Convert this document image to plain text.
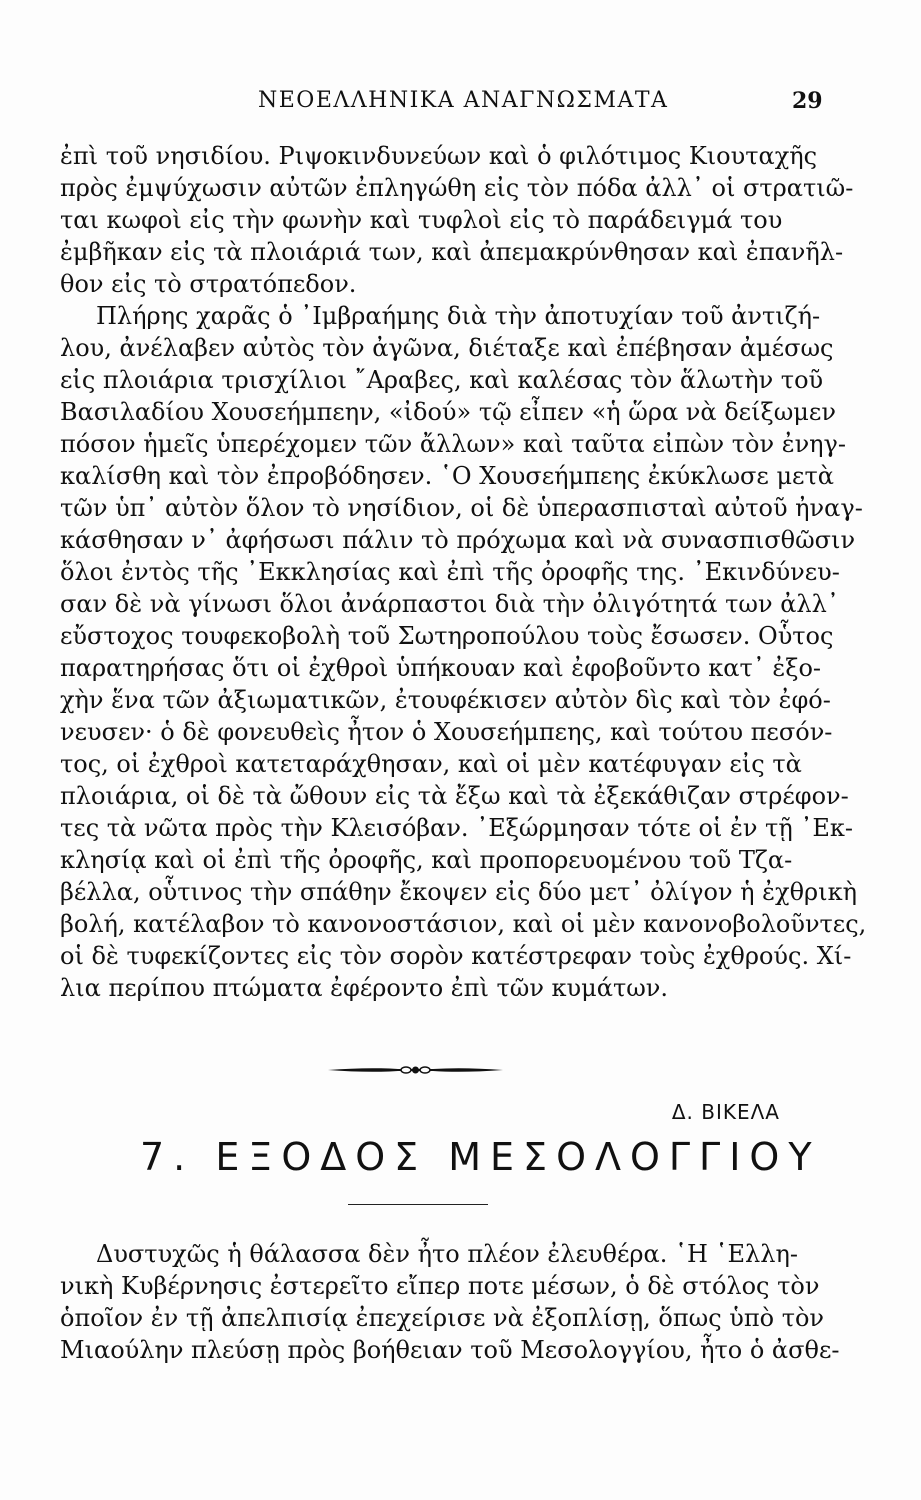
ΝΕΟΕΛΛΗΝΙΚΑ ΑΝΑΓΝΩΣΜΑΤΑ	29
ἐπὶ τοῦ νησιδίου. Ριψοκινδυνεύων καὶ ὁ φιλότιμος Κιουταχῆς
πρὸς ἐμψύχωσιν αὐτῶν ἐπληγώθη εἰς τὸν πόδα ἀλλ᾽ οἱ στρατιῶ-
ται κωφοὶ εἰς τὴν φωνὴν καὶ τυφλοὶ εἰς τὸ παράδειγμά του
ἐμβῆκαν εἰς τὰ πλοιάριά των, καὶ ἀπεμακρύνθησαν καὶ ἐπανῆλ-
θον εἰς τὸ στρατόπεδον.
Πλήρης χαρᾶς ὁ ᾿Ιμβραήμης διὰ τὴν ἀποτυχίαν τοῦ ἀντιζή-
λου, ἀνέλαβεν αὐτὸς τὸν ἀγῶνα, διέταξε καὶ ἐπέβησαν ἀμέσως
εἰς πλοιάρια τρισχίλιοι ῎Αραβες, καὶ καλέσας τὸν ἅλωτὴν τοῦ
Βασιλαδίου Χουσεήμπεην, «ἰδού» τῷ εἶπεν «ἡ ὥρα νὰ δείξωμεν
πόσον ἡμεῖς ὑπερέχομεν τῶν ἄλλων» καὶ ταῦτα εἰπὼν τὸν ἐνηγ-
καλίσθη καὶ τὸν ἐπροβόδησεν. ῾Ο Χουσεήμπεης ἐκύκλωσε μετὰ
τῶν ὑπ᾽ αὐτὸν ὅλον τὸ νησίδιον, οἱ δὲ ὑπερασπισταὶ αὐτοῦ ἠναγ-
κάσθησαν ν᾽ ἀφήσωσι πάλιν τὸ πρόχωμα καὶ νὰ συνασπισθῶσιν
ὅλοι ἐντὸς τῆς ᾿Εκκλησίας καὶ ἐπὶ τῆς ὀροφῆς της. ᾿Εκινδύνευ-
σαν δὲ νὰ γίνωσι ὅλοι ἀνάρπαστοι διὰ τὴν ὀλιγότητά των ἀλλ᾽
εὔστοχος τουφεκοβολὴ τοῦ Σωτηροπούλου τοὺς ἔσωσεν. Οὗτος
παρατηρήσας ὅτι οἱ ἐχθροὶ ὑπήκουαν καὶ ἐφοβοῦντο κατ᾽ ἐξο-
χὴν ἕνα τῶν ἀξιωματικῶν, ἐτουφέκισεν αὐτὸν δὶς καὶ τὸν ἐφό-
νευσεν· ὁ δὲ φονευθεὶς ἦτον ὁ Χουσεήμπεης, καὶ τούτου πεσόν-
τος, οἱ ἐχθροὶ κατεταράχθησαν, καὶ οἱ μὲν κατέφυγαν εἰς τὰ
πλοιάρια, οἱ δὲ τὰ ὤθουν εἰς τὰ ἔξω καὶ τὰ ἐξεκάθιζαν στρέφον-
τες τὰ νῶτα πρὸς τὴν Κλεισόβαν. ᾿Εξώρμησαν τότε οἱ ἐν τῇ ᾿Εκ-
κλησίᾳ καὶ οἱ ἐπὶ τῆς ὀροφῆς, καὶ προπορευομένου τοῦ Τζα-
βέλλα, οὗτινος τὴν σπάθην ἔκοψεν εἰς δύο μετ᾽ ὀλίγον ἡ ἐχθρικὴ
βολή, κατέλαβον τὸ κανονοστάσιον, καὶ οἱ μὲν κανονοβολοῦντες,
οἱ δὲ τυφεκίζοντες εἰς τὸν σορὸν κατέστρεφαν τοὺς ἐχθρούς. Χί-
λια περίπου πτώματα ἐφέροντο ἐπὶ τῶν κυμάτων.
Δ. ΒΙΚΕΛΑ
7. ΕΞΟΔΟΣ ΜΕΣΟΛΟΓΓΙΟΥ
Δυστυχῶς ἡ θάλασσα δὲν ἦτο πλέον ἐλευθέρα. ῾Η ῾Ελλη-
νικὴ Κυβέρνησις ἐστερεῖτο εἴπερ ποτε μέσων, ὁ δὲ στόλος τὸν
ὁποῖον ἐν τῇ ἀπελπισίᾳ ἐπεχείρισε νὰ ἐξοπλίσῃ, ὅπως ὑπὸ τὸν
Μιαούλην πλεύσῃ πρὸς βοήθειαν τοῦ Μεσολογγίου, ἦτο ὁ ἀσθε-
